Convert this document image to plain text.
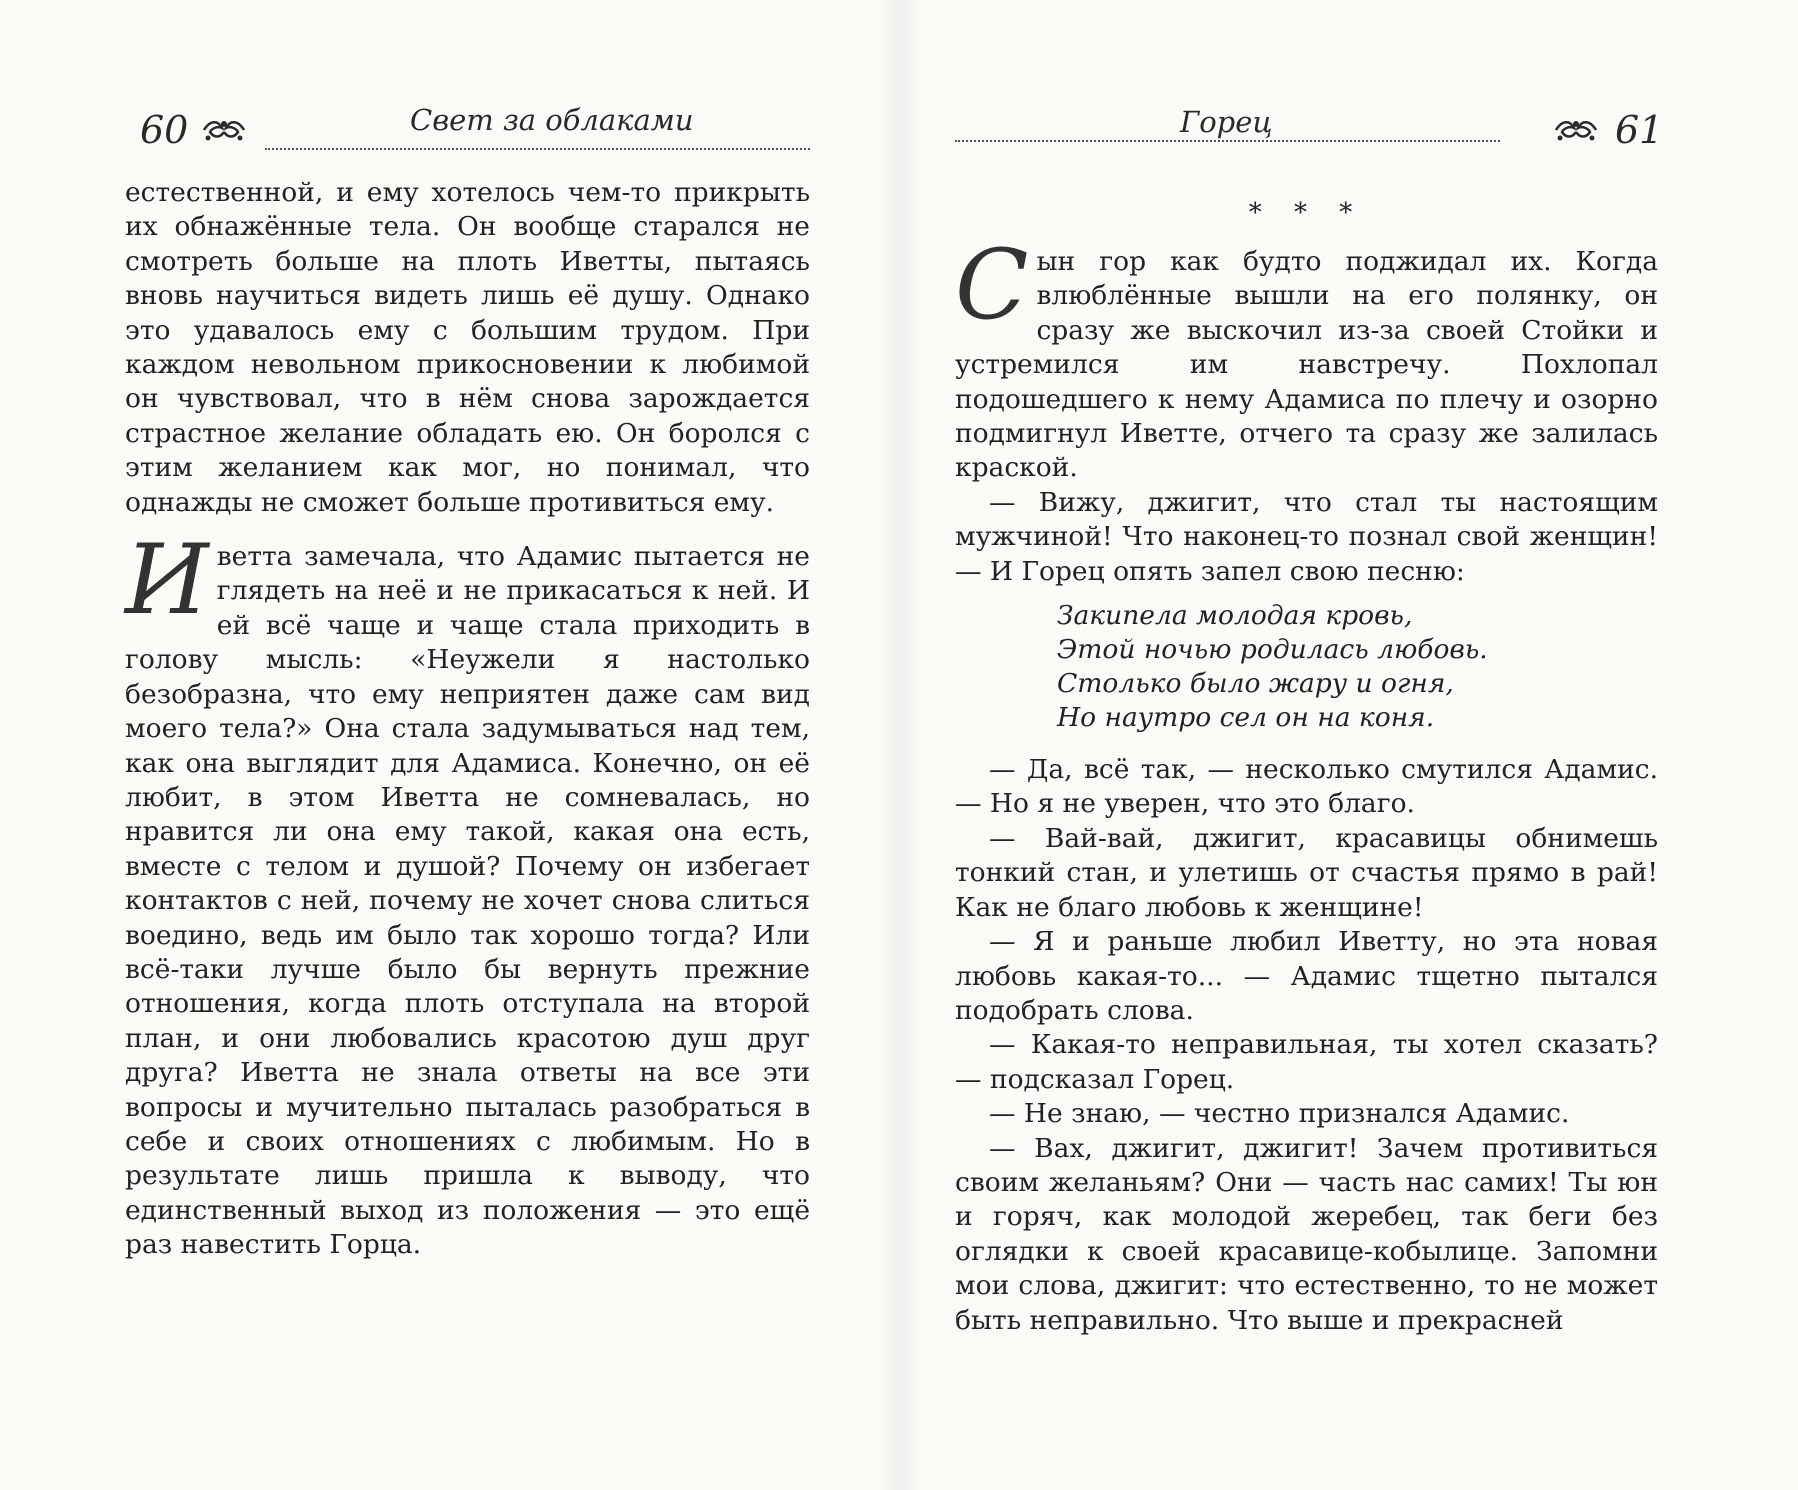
60	Свет за облаками

естественной, и ему хотелось чем-то прикрыть их обнажённые тела. Он вообще старался не смотреть больше на плоть Иветты, пытаясь вновь научиться видеть лишь её душу. Однако это удавалось ему с большим трудом. При каждом невольном прикосновении к любимой он чувствовал, что в нём снова зарождается страстное желание обладать ею. Он боролся с этим желанием как мог, но понимал, что однажды не сможет больше противиться ему.

Иветта замечала, что Адамис пытается не глядеть на неё и не прикасаться к ней. И ей всё чаще и чаще стала приходить в голову мысль: «Неужели я настолько безобразна, что ему неприятен даже сам вид моего тела?» Она стала задумываться над тем, как она выглядит для Адамиса. Конечно, он её любит, в этом Иветта не сомневалась, но нравится ли она ему такой, какая она есть, вместе с телом и душой? Почему он избегает контактов с ней, почему не хочет снова слиться воедино, ведь им было так хорошо тогда? Или всё-таки лучше было бы вернуть прежние отношения, когда плоть отступала на второй план, и они любовались красотою душ друг друга? Иветта не знала ответы на все эти вопросы и мучительно пыталась разобраться в себе и своих отношениях с любимым. Но в результате лишь пришла к выводу, что единственный выход из положения — это ещё раз навестить Горца.

Горец	61
* * *

Сын гор как будто поджидал их. Когда влюблённые вышли на его полянку, он сразу же выскочил из-за своей Стойки и устремился им навстречу. Похлопал подошедшего к нему Адамиса по плечу и озорно подмигнул Иветте, отчего та сразу же залилась краской.

— Вижу, джигит, что стал ты настоящим мужчиной! Что наконец-то познал свой женщин! — И Горец опять запел свою песню:

Закипела молодая кровь,
Этой ночью родилась любовь.
Столько было жару и огня,
Но наутро сел он на коня.

— Да, всё так, — несколько смутился Адамис. — Но я не уверен, что это благо.

— Вай-вай, джигит, красавицы обнимешь тонкий стан, и улетишь от счастья прямо в рай! Как не благо любовь к женщине!

— Я и раньше любил Иветту, но эта новая любовь какая-то... — Адамис тщетно пытался подобрать слова.

— Какая-то неправильная, ты хотел сказать? — подсказал Горец.

— Не знаю, — честно признался Адамис.

— Вах, джигит, джигит! Зачем противиться своим желаньям? Они — часть нас самих! Ты юн и горяч, как молодой жеребец, так беги без оглядки к своей красавице-кобылице. Запомни мои слова, джигит: что естественно, то не может быть неправильно. Что выше и прекрасней
